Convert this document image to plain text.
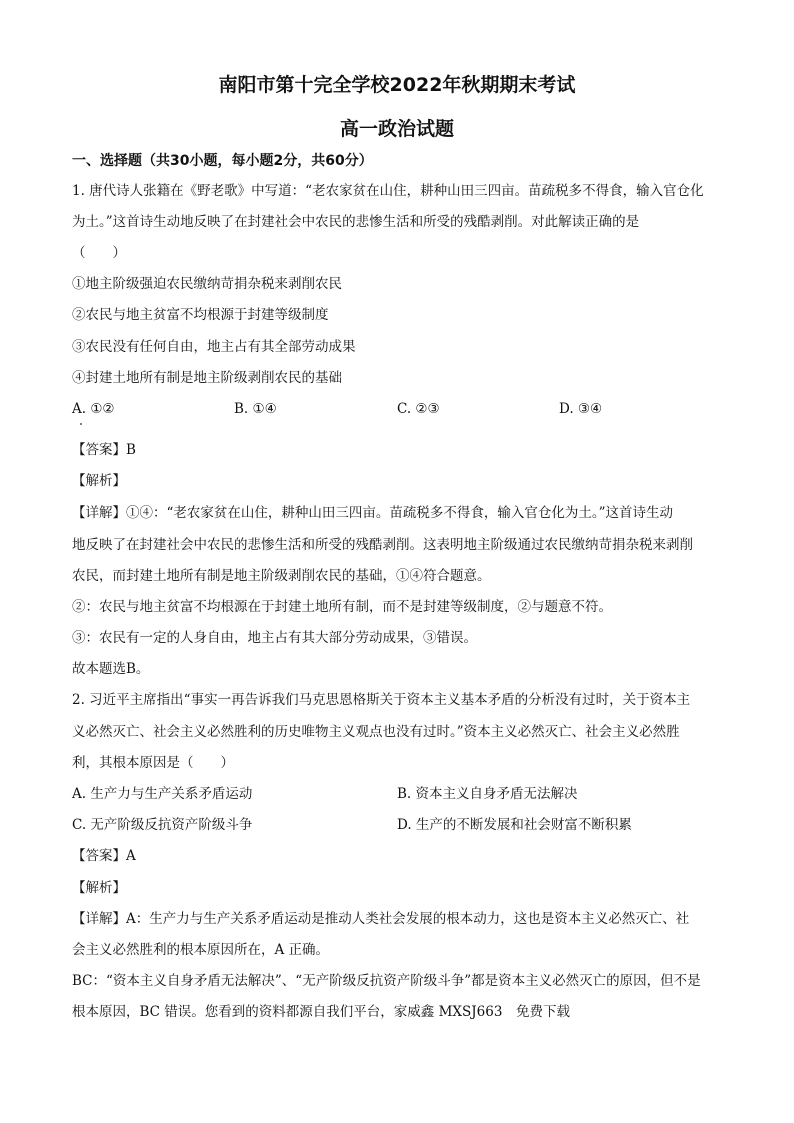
南阳市第十完全学校2022年秋期期末考试
高一政治试题
一、选择题（共30小题，每小题2分，共60分）
1. 唐代诗人张籍在《野老歌》中写道：“老农家贫在山住，耕种山田三四亩。苗疏税多不得食，输入官仓化
为土。”这首诗生动地反映了在封建社会中农民的悲惨生活和所受的残酷剥削。对此解读正确的是
（　　）
①地主阶级强迫农民缴纳苛捐杂税来剥削农民
②农民与地主贫富不均根源于封建等级制度
③农民没有任何自由，地主占有其全部劳动成果
④封建土地所有制是地主阶级剥削农民的基础
A. ①②	B. ①④	C. ②③	D. ③④
【答案】B
【解析】
【详解】①④：“老农家贫在山住，耕种山田三四亩。苗疏税多不得食，输入官仓化为土。”这首诗生动
地反映了在封建社会中农民的悲惨生活和所受的残酷剥削。这表明地主阶级通过农民缴纳苛捐杂税来剥削
农民，而封建土地所有制是地主阶级剥削农民的基础，①④符合题意。
②：农民与地主贫富不均根源在于封建土地所有制，而不是封建等级制度，②与题意不符。
③：农民有一定的人身自由，地主占有其大部分劳动成果，③错误。
故本题选B。
2. 习近平主席指出“事实一再告诉我们马克思恩格斯关于资本主义基本矛盾的分析没有过时，关于资本主
义必然灭亡、社会主义必然胜利的历史唯物主义观点也没有过时。”资本主义必然灭亡、社会主义必然胜
利，其根本原因是（　　）
A. 生产力与生产关系矛盾运动	B. 资本主义自身矛盾无法解决
C. 无产阶级反抗资产阶级斗争	D. 生产的不断发展和社会财富不断积累
【答案】A
【解析】
【详解】A：生产力与生产关系矛盾运动是推动人类社会发展的根本动力，这也是资本主义必然灭亡、社
会主义必然胜利的根本原因所在，A 正确。
BC：“资本主义自身矛盾无法解决”、“无产阶级反抗资产阶级斗争”都是资本主义必然灭亡的原因，但不是
根本原因，BC 错误。您看到的资料都源自我们平台，家威鑫 MXSJ663　免费下载
